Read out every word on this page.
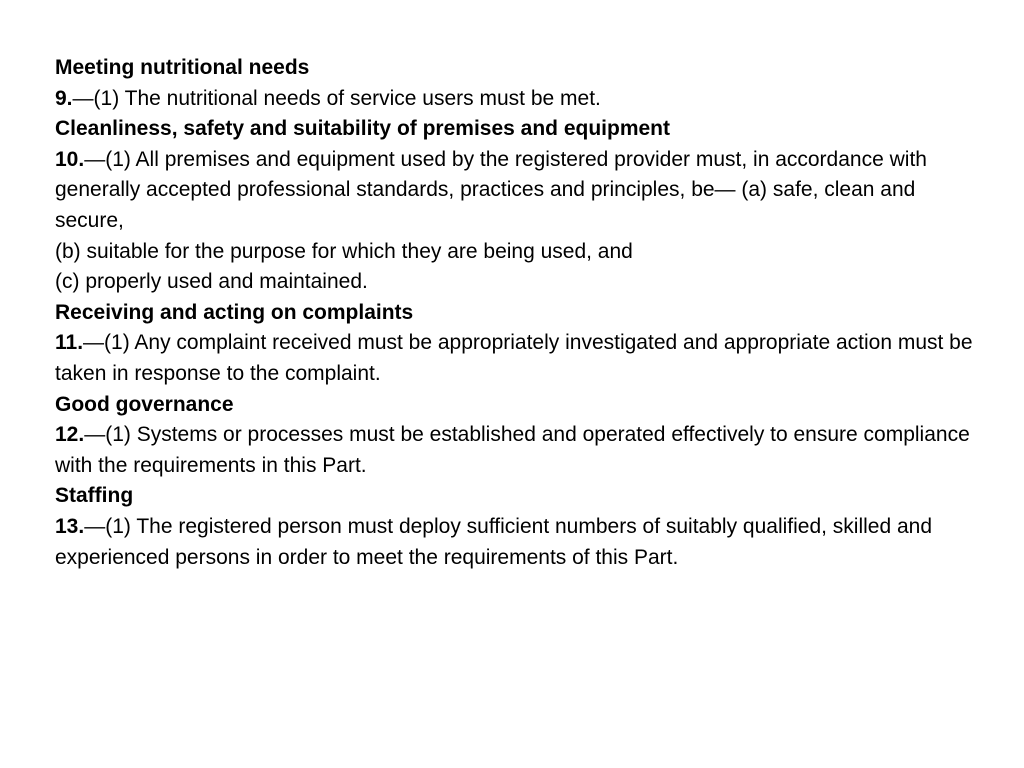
Meeting nutritional needs
9.—(1) The nutritional needs of service users must be met.
Cleanliness, safety and suitability of premises and equipment
10.—(1) All premises and equipment used by the registered provider must, in accordance with generally accepted professional standards, practices and principles, be— (a) safe, clean and secure,
(b) suitable for the purpose for which they are being used, and
(c) properly used and maintained.
Receiving and acting on complaints
11.—(1) Any complaint received must be appropriately investigated and appropriate action must be taken in response to the complaint.
Good governance
12.—(1) Systems or processes must be established and operated effectively to ensure compliance with the requirements in this Part.
Staffing
13.—(1) The registered person must deploy sufficient numbers of suitably qualified, skilled and experienced persons in order to meet the requirements of this Part.
